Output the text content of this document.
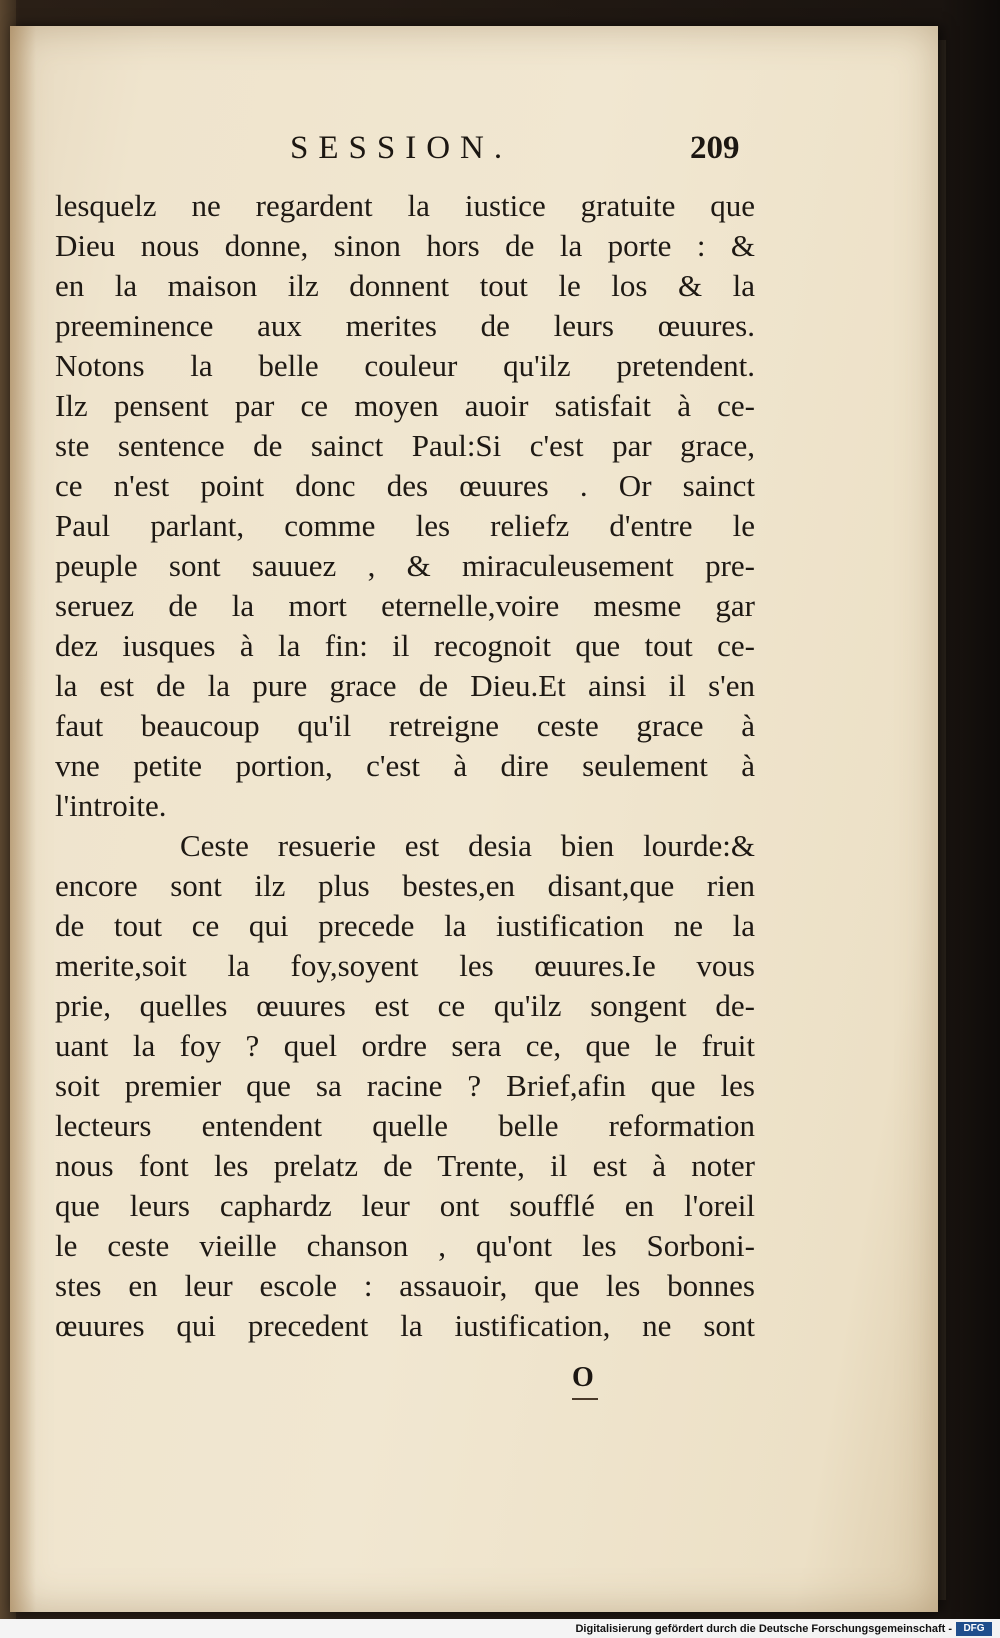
SESSION.	209
lesquelz ne regardent la iustice gratuite que
Dieu nous donne, sinon hors de la porte : &
en la maison ilz donnent tout le los & la
preeminence aux merites de leurs œuures.
Notons la belle couleur qu'ilz pretendent.
Ilz pensent par ce moyen auoir satisfait à ce-
ste sentence de sainct Paul:Si c'est par grace,
ce n'est point donc des œuures . Or sainct
Paul parlant, comme les reliefz d'entre le
peuple sont sauuez , & miraculeusement pre-
seruez de la mort eternelle,voire mesme gar
dez iusques à la fin: il recognoit que tout ce-
la est de la pure grace de Dieu.Et ainsi il s'en
faut beaucoup qu'il retreigne ceste grace à
vne petite portion, c'est à dire seulement à
l'introite.
Ceste resuerie est desia bien lourde:&
encore sont ilz plus bestes,en disant,que rien
de tout ce qui precede la iustification ne la
merite,soit la foy,soyent les œuures.Ie vous
prie, quelles œuures est ce qu'ilz songent de-
uant la foy ? quel ordre sera ce, que le fruit
soit premier que sa racine ? Brief,afin que les
lecteurs entendent quelle belle reformation
nous font les prelatz de Trente, il est à noter
que leurs caphardz leur ont soufflé en l'oreil
le ceste vieille chanson , qu'ont les Sorboni-
stes en leur escole : assauoir, que les bonnes
œuures qui precedent la iustification, ne sont
O
Digitalisierung gefördert durch die Deutsche Forschungsgemeinschaft -	DFG
